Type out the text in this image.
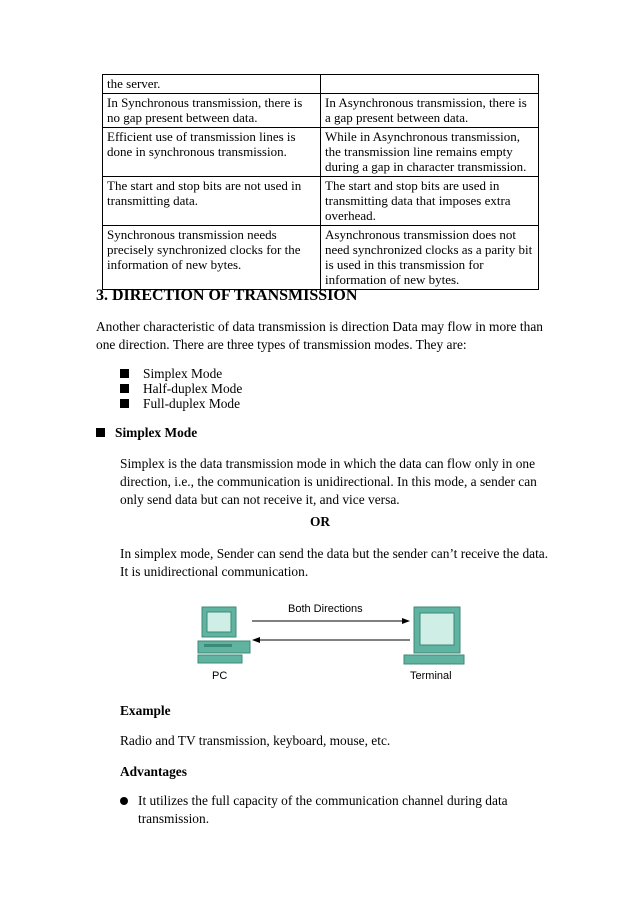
the server.	
In Synchronous transmission, there is no gap present between data.	In Asynchronous transmission, there is a gap present between data.
Efficient use of transmission lines is done in synchronous transmission.	While in Asynchronous transmission, the transmission line remains empty during a gap in character transmission.
The start and stop bits are not used in transmitting data.	The start and stop bits are used in transmitting data that imposes extra overhead.
Synchronous transmission needs precisely synchronized clocks for the information of new bytes.	Asynchronous transmission does not need synchronized clocks as a parity bit is used in this transmission for information of new bytes.
3. DIRECTION OF TRANSMISSION
Another characteristic of data transmission is direction Data may flow in more than one direction. There are three types of transmission modes. They are:
Simplex Mode
Half-duplex Mode
Full-duplex Mode
Simplex Mode
Simplex is the data transmission mode in which the data can flow only in one direction, i.e., the communication is unidirectional. In this mode, a sender can only send data but can not receive it, and vice versa.
OR
In simplex mode, Sender can send the data but the sender can’t receive the data. It is unidirectional communication.
Both Directions
PC	Terminal
Example
Radio and TV transmission, keyboard, mouse, etc.
Advantages
It utilizes the full capacity of the communication channel during data transmission.
